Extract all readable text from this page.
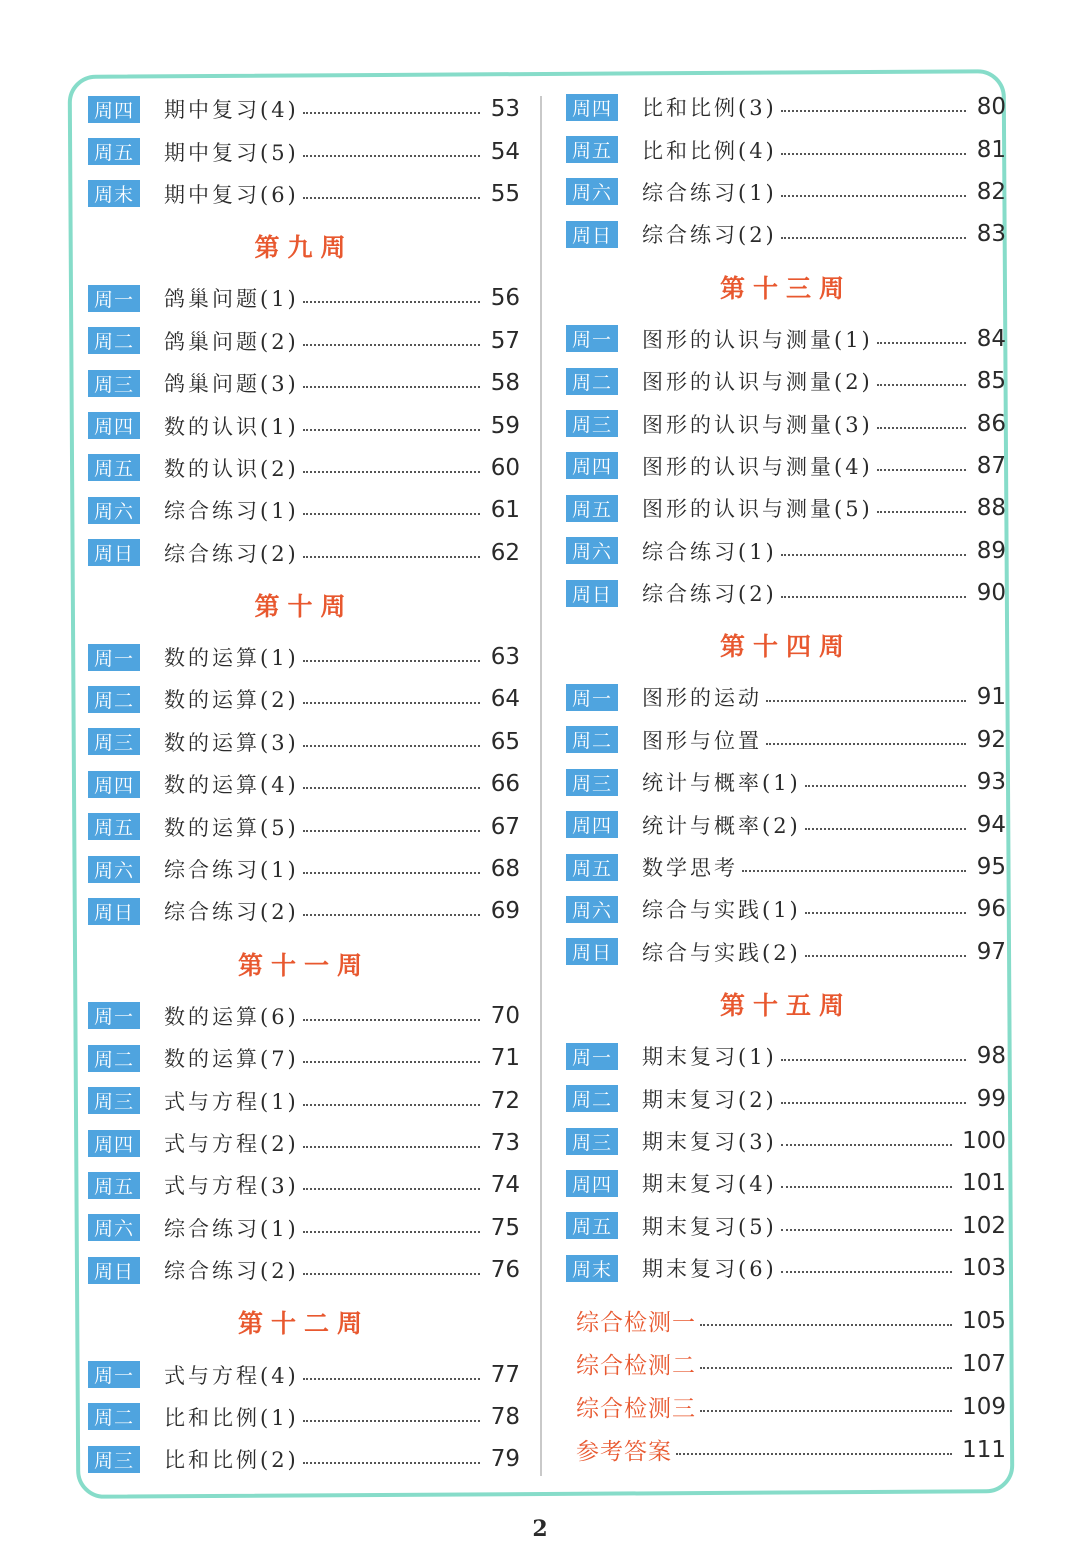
周四 期中复习(4)	53
周五 期中复习(5)	54
周末 期中复习(6)	55
第九周
周一 鸽巢问题(1)	56
周二 鸽巢问题(2)	57
周三 鸽巢问题(3)	58
周四 数的认识(1)	59
周五 数的认识(2)	60
周六 综合练习(1)	61
周日 综合练习(2)	62
第十周
周一 数的运算(1)	63
周二 数的运算(2)	64
周三 数的运算(3)	65
周四 数的运算(4)	66
周五 数的运算(5)	67
周六 综合练习(1)	68
周日 综合练习(2)	69
第十一周
周一 数的运算(6)	70
周二 数的运算(7)	71
周三 式与方程(1)	72
周四 式与方程(2)	73
周五 式与方程(3)	74
周六 综合练习(1)	75
周日 综合练习(2)	76
第十二周
周一 式与方程(4)	77
周二 比和比例(1)	78
周三 比和比例(2)	79
周四 比和比例(3)	80
周五 比和比例(4)	81
周六 综合练习(1)	82
周日 综合练习(2)	83
第十三周
周一 图形的认识与测量(1)	84
周二 图形的认识与测量(2)	85
周三 图形的认识与测量(3)	86
周四 图形的认识与测量(4)	87
周五 图形的认识与测量(5)	88
周六 综合练习(1)	89
周日 综合练习(2)	90
第十四周
周一 图形的运动	91
周二 图形与位置	92
周三 统计与概率(1)	93
周四 统计与概率(2)	94
周五 数学思考	95
周六 综合与实践(1)	96
周日 综合与实践(2)	97
第十五周
周一 期末复习(1)	98
周二 期末复习(2)	99
周三 期末复习(3)	100
周四 期末复习(4)	101
周五 期末复习(5)	102
周末 期末复习(6)	103
综合检测一	105
综合检测二	107
综合检测三	109
参考答案	111
2
